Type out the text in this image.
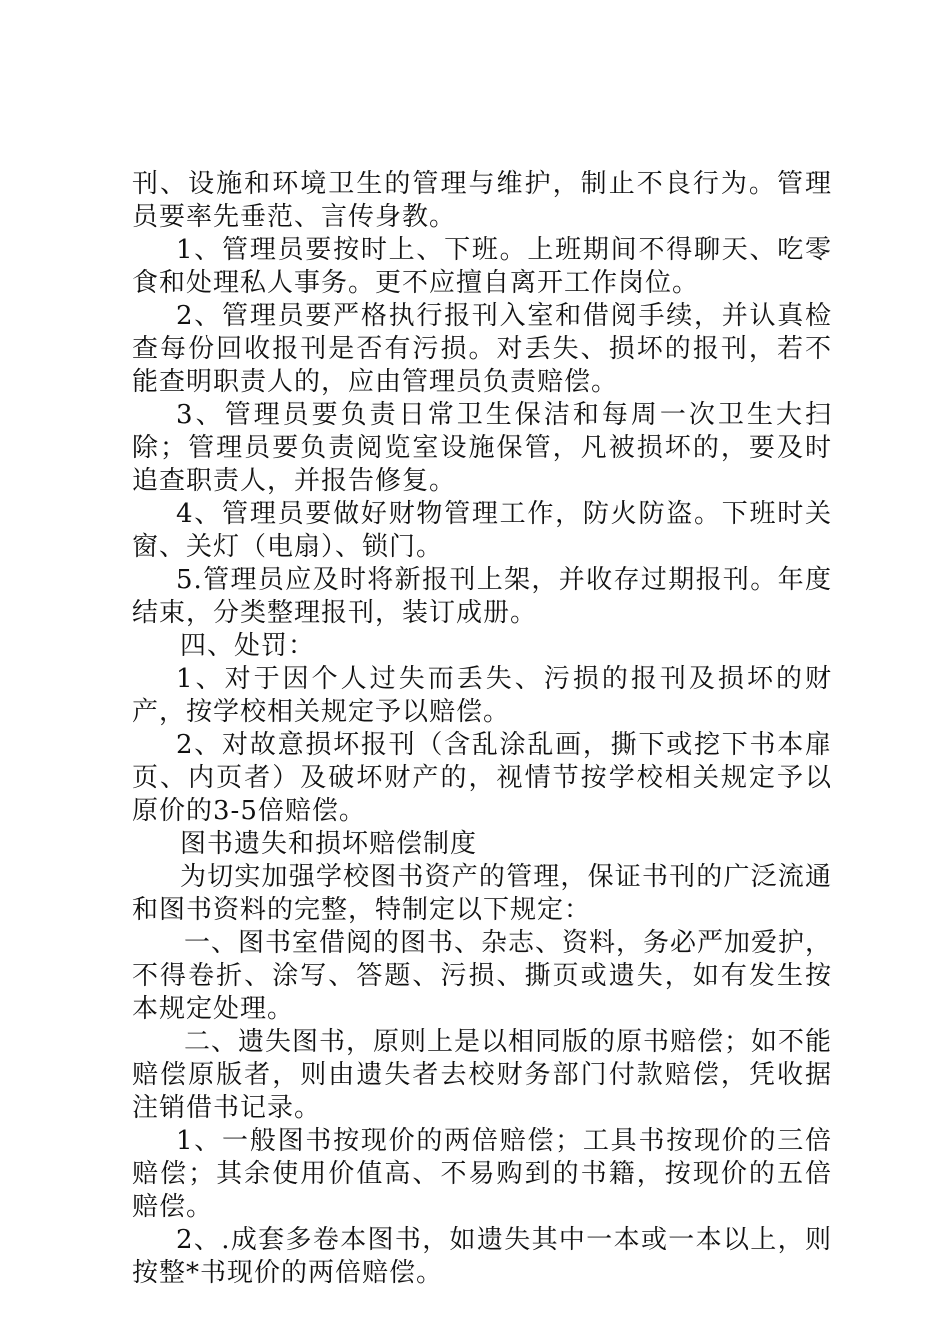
刊、设施和环境卫生的管理与维护，制止不良行为。管理员要率先垂范、言传身教。

1、管理员要按时上、下班。上班期间不得聊天、吃零食和处理私人事务。更不应擅自离开工作岗位。

2、管理员要严格执行报刊入室和借阅手续，并认真检查每份回收报刊是否有污损。对丢失、损坏的报刊，若不能查明职责人的，应由管理员负责赔偿。

3、管理员要负责日常卫生保洁和每周一次卫生大扫除；管理员要负责阅览室设施保管，凡被损坏的，要及时追查职责人，并报告修复。

4、管理员要做好财物管理工作，防火防盗。下班时关窗、关灯（电扇）、锁门。

5.管理员应及时将新报刊上架，并收存过期报刊。年度结束，分类整理报刊，装订成册。

四、处罚：

1、对于因个人过失而丢失、污损的报刊及损坏的财产，按学校相关规定予以赔偿。

2、对故意损坏报刊（含乱涂乱画，撕下或挖下书本扉页、内页者）及破坏财产的，视情节按学校相关规定予以原价的3-5倍赔偿。

图书遗失和损坏赔偿制度

为切实加强学校图书资产的管理，保证书刊的广泛流通和图书资料的完整，特制定以下规定：

一、图书室借阅的图书、杂志、资料，务必严加爱护，不得卷折、涂写、答题、污损、撕页或遗失，如有发生按本规定处理。

二、遗失图书，原则上是以相同版的原书赔偿；如不能赔偿原版者，则由遗失者去校财务部门付款赔偿，凭收据注销借书记录。

1、一般图书按现价的两倍赔偿；工具书按现价的三倍赔偿；其余使用价值高、不易购到的书籍，按现价的五倍赔偿。

2、.成套多卷本图书，如遗失其中一本或一本以上，则按整*书现价的两倍赔偿。
